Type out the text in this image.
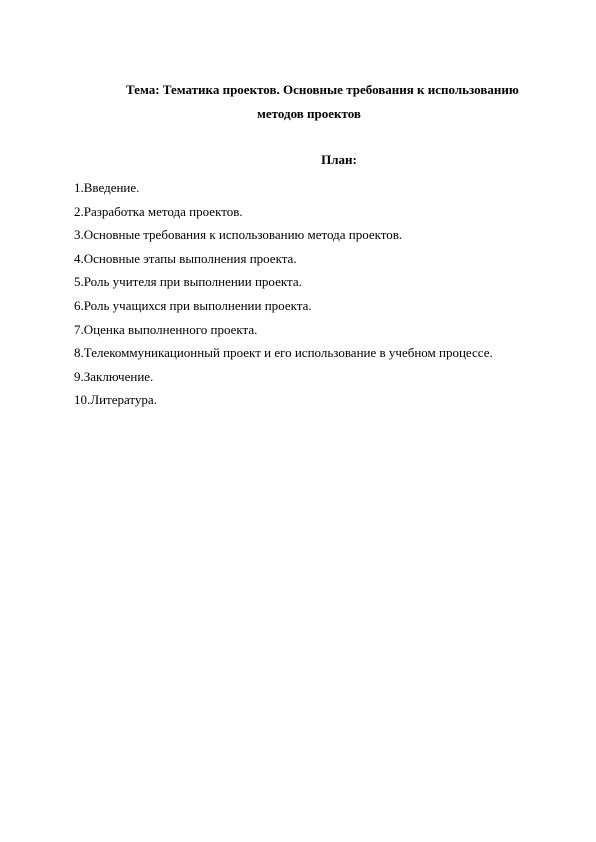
Тема: Тематика проектов. Основные требования к использованию
методов проектов
План:
1.Введение.
2.Разработка метода проектов.
3.Основные требования к использованию метода проектов.
4.Основные этапы выполнения проекта.
5.Роль учителя при выполнении проекта.
6.Роль учащихся при выполнении проекта.
7.Оценка выполненного проекта.
8.Телекоммуникационный проект и его использование в учебном процессе.
9.Заключение.
10.Литература.
